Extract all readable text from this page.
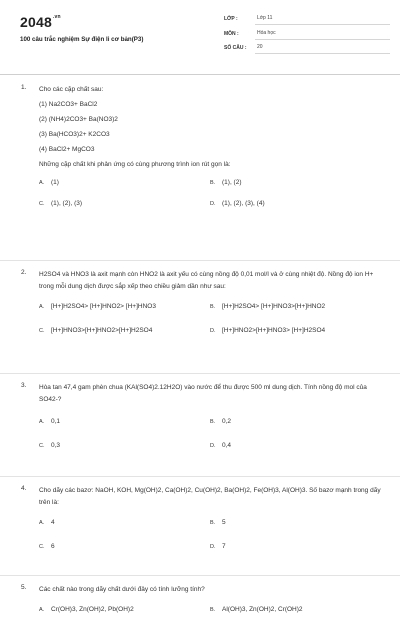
$2048^{.vn}$
100 câu trắc nghiệm Sự điện li cơ bản(P3)
LỚP :	Lớp 11
MÔN :	Hóa học
SỐ CÂU :	20
1. Cho các cặp chất sau:
(1) Na2CO3+ BaCl2
(2) (NH4)2CO3+ Ba(NO3)2
(3) Ba(HCO3)2+ K2CO3
(4) BaCl2+ MgCO3
Những cặp chất khi phản ứng có cùng phương trình ion rút gọn là:
A. (1)	B. (1), (2)
C. (1), (2), (3)	D. (1), (2), (3), (4)
2. H2SO4 và HNO3 là axit mạnh còn HNO2 là axit yếu có cùng nồng độ 0,01 mol/l và ở cùng nhiệt độ. Nồng độ ion H+ trong mỗi dung dịch được sắp xếp theo chiều giảm dần như sau:
A. [H+]H2SO4> [H+]HNO2> [H+]HNO3	B. [H+]H2SO4> [H+]HNO3>[H+]HNO2
C. [H+]HNO3>[H+]HNO2>[H+]H2SO4	D. [H+]HNO2>[H+]HNO3> [H+]H2SO4
3. Hòa tan 47,4 gam phèn chua (KAl(SO4)2.12H2O) vào nước để thu được 500 ml dung dịch. Tính nồng độ mol của SO42-?
A. 0,1	B. 0,2
C. 0,3	D. 0,4
4. Cho dãy các bazơ: NaOH, KOH, Mg(OH)2, Ca(OH)2, Cu(OH)2, Ba(OH)2, Fe(OH)3, Al(OH)3. Số bazơ mạnh trong dãy trên là:
A. 4	B. 5
C. 6	D. 7
5. Các chất nào trong dãy chất dưới đây có tính lưỡng tính?
A. Cr(OH)3, Zn(OH)2, Pb(OH)2	B. Al(OH)3, Zn(OH)2, Cr(OH)2
